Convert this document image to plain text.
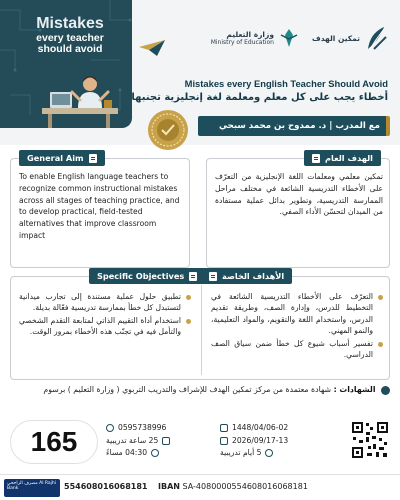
Mistakes
every teacher
should avoid
وزارة التعليم
Ministry of Education	تمكين الهدف
Mistakes every English Teacher Should Avoid
أخطاء يجب على كل معلم ومعلمة لغة إنجليزية تجنبها
مع المدرب | د. ممدوح بن محمد سبحي
General Aim
To enable English language teachers to recognize common instructional mistakes across all stages of teaching practice, and to develop practical, field-tested alternatives that improve classroom impact
الهدف العام
تمكين معلمي ومعلمات اللغة الإنجليزية من التعرّف على الأخطاء التدريسية الشائعة في مختلف مراحل الممارسة التدريسية، وتطوير بدائل عملية مستفادة من الميدان لتحسّن الأداء الصفي.
Specific Objectives	الأهداف الخاصة
التعرّف على الأخطاء التدريسية الشائعة في التخطيط للدرس، وإدارة الصف، وطريقة تقديم الدرس، واستخدام اللغة والتقويم، والمواد التعليمية، والنمو المهني.
تفسير أسباب شيوع كل خطأ ضمن سياق الصف الدراسي.
تطبيق حلول عملية مستندة إلى تجارب ميدانية لتستبدل كل خطأ بممارسة تدريسية فعّالة بديلة.
استخدام أداة التقييم الذاتي لمتابعة التقدم الشخصي والتأمل فيه في تجنّب هذه الأخطاء بمرور الوقت.
الشهادات : شهادة معتمدة من مركز تمكين الهدف للإشراف والتدريب التربوي ( وزارة التعليم ) برسوم
165	0595738996
25 ساعة تدريبية
04:30 مساءً
1448/04/06-02
2026/09/17-13
5 أيام تدريبية
مصرف الراجحي Al Rajhi Bank	554608016068181 IBAN SA-4080000554608016068181
